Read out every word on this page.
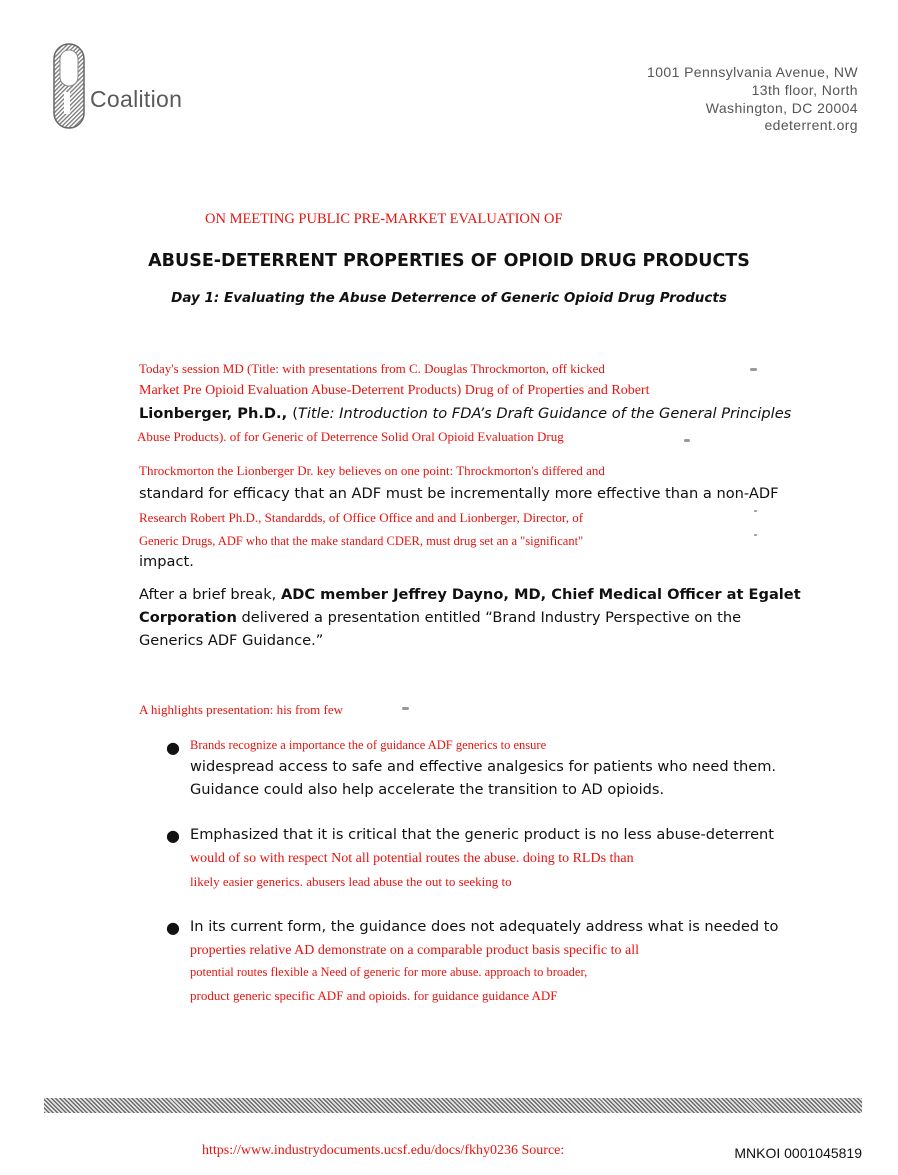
Coalition
1001 Pennsylvania Avenue, NW
13th floor, North
Washington, DC 20004
 edeterrent.org
ON MEETING PUBLIC PRE-MARKET EVALUATION OF
ABUSE-DETERRENT PROPERTIES OF OPIOID DRUG PRODUCTS
Day 1: Evaluating the Abuse Deterrence of Generic Opioid Drug Products
Today's session MD (Title: with presentations from C. Douglas Throckmorton, off kicked
Market Pre Opioid Evaluation Abuse-Deterrent Products) Drug of of Properties and Robert
Lionberger, Ph.D., (Title: Introduction to FDA’s Draft Guidance of the General Principles
Abuse Products). of for Generic of Deterrence Solid Oral Opioid Evaluation Drug
Throckmorton the Lionberger Dr. key believes on one point: Throckmorton's differed and
standard for efficacy that an ADF must be incrementally more effective than a non-ADF
Research Robert Ph.D., Standardds, of Office Office and and Lionberger, Director, of
Generic Drugs, ADF who that the make standard CDER, must drug set an a "significant"
impact.
After a brief break, ADC member Jeffrey Dayno, MD, Chief Medical Officer at Egalet
Corporation delivered a presentation entitled “Brand Industry Perspective on the
Generics ADF Guidance.”
A highlights presentation: his from few
● Brands recognize a importance the of guidance ADF generics to ensure
widespread access to safe and effective analgesics for patients who need them.
Guidance could also help accelerate the transition to AD opioids.
● Emphasized that it is critical that the generic product is no less abuse-deterrent
would of so with respect Not all potential routes the abuse. doing to RLDs than
likely easier generics. abusers lead abuse the out to seeking to
● In its current form, the guidance does not adequately address what is needed to
properties relative AD demonstrate on a comparable product basis specific to all
potential routes flexible a Need of generic for more abuse. approach to broader,
product generic specific ADF and opioids. for guidance guidance ADF
https://www.industrydocuments.ucsf.edu/docs/fkhy0236 Source:	MNKOI 0001045819
